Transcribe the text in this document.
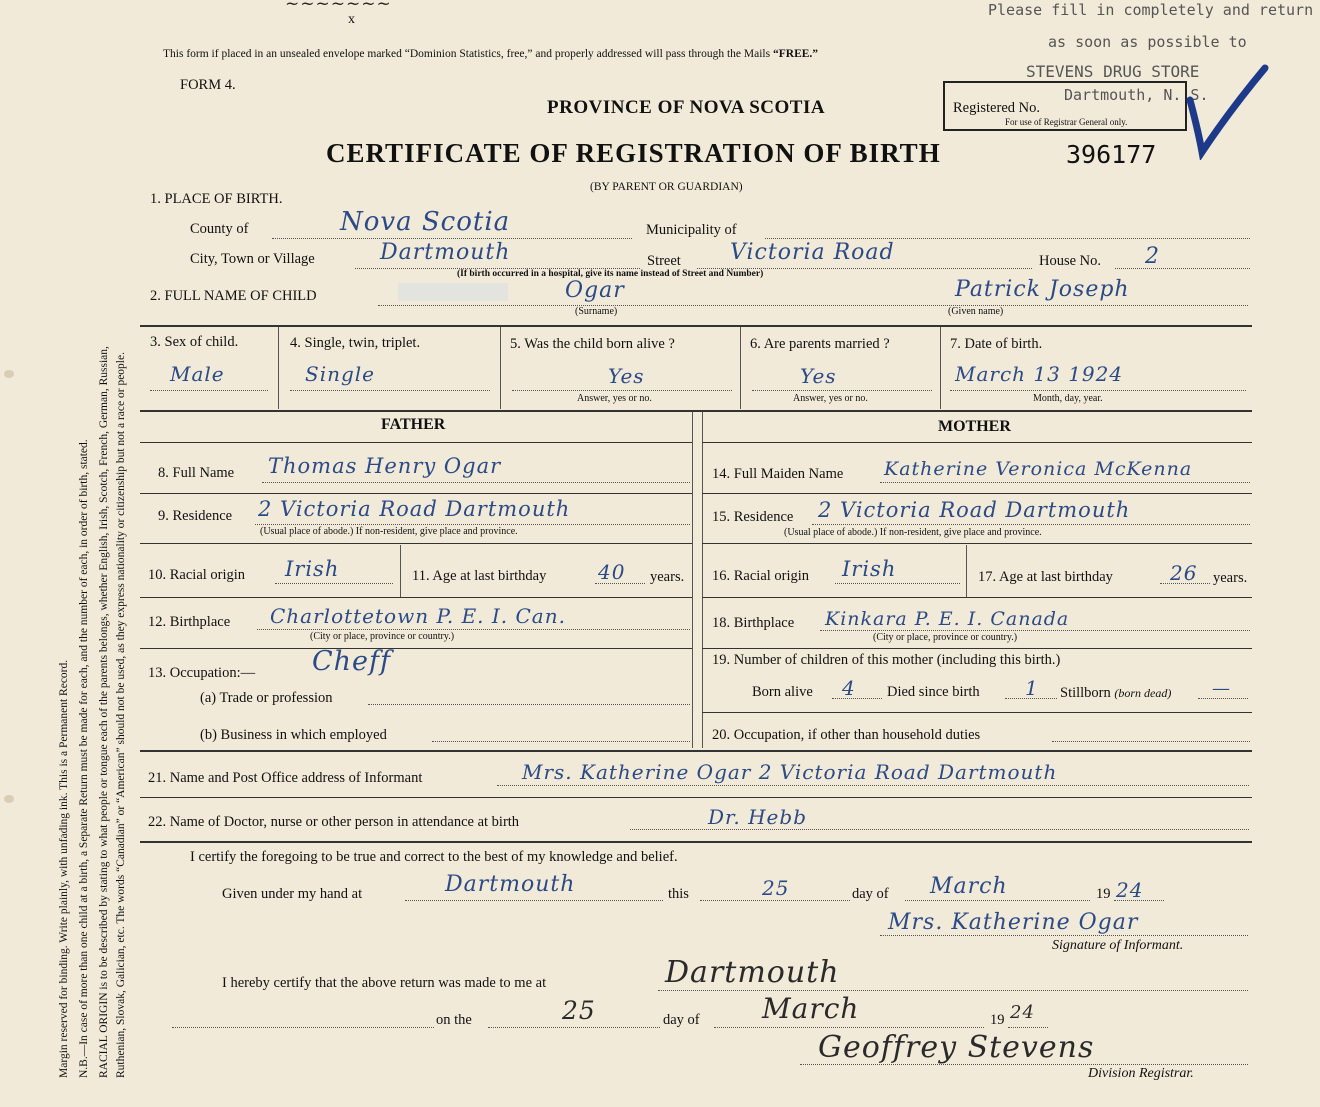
Margin reserved for binding. Write plainly, with unfading ink. This is a Permanent Record. N.B.—In case of more than one child at a birth, a Separate Return must be made for each, and the number of each, in order of birth, stated. RACIAL ORIGIN is to be described by stating to what people or tongue each of the parents belongs, whether English, Irish, Scotch, French, German, Russian, Ruthenian, Slovak, Galician, etc. The words “Canadian” or “American” should not be used, as they express nationality or citizenship but not a race or people.
~~~~~~~
x
This form if placed in an unsealed envelope marked “Dominion Statistics, free,” and properly addressed will pass through the Mails “FREE.”
FORM 4.
Please fill in completely and return
as soon as possible to
STEVENS DRUG STORE
Dartmouth, N. S.
Registered No.
For use of Registrar General only.
PROVINCE OF NOVA SCOTIA
CERTIFICATE OF REGISTRATION OF BIRTH	396177
(BY PARENT OR GUARDIAN)
1. PLACE OF BIRTH.
County of	Nova Scotia	Municipality of
City, Town or Village	Dartmouth	Street Victoria Road	House No. 2
(If birth occurred in a hospital, give its name instead of Street and Number)
2. FULL NAME OF CHILD	Ogar
(Surname)
Patrick Joseph
(Given name)
3. Sex of child.
Male
4. Single, twin, triplet.
Single
5. Was the child born alive ?
Yes
Answer, yes or no.
6. Are parents married ?
Yes
Answer, yes or no.
7. Date of birth.
March 13 1924
Month, day, year.
FATHER	MOTHER
8. Full Name Thomas Henry Ogar
9. Residence 2 Victoria Road Dartmouth
(Usual place of abode.) If non-resident, give place and province.
10. Racial origin Irish	11. Age at last birthday	40 years.
12. Birthplace Charlottetown P. E. I. Can.
(City or place, province or country.)
13. Occupation:— Cheff
(a) Trade or profession
(b) Business in which employed
14. Full Maiden Name Katherine Veronica McKenna
15. Residence 2 Victoria Road Dartmouth
(Usual place of abode.) If non-resident, give place and province.
16. Racial origin Irish	17. Age at last birthday	26 years.
18. Birthplace Kinkara P. E. I. Canada
(City or place, province or country.)
19. Number of children of this mother (including this birth.)
Born alive 4 Died since birth 1 Stillborn (born dead) —
20. Occupation, if other than household duties
21. Name and Post Office address of Informant	Mrs. Katherine Ogar 2 Victoria Road Dartmouth
22. Name of Doctor, nurse or other person in attendance at birth	Dr. Hebb
I certify the foregoing to be true and correct to the best of my knowledge and belief.
Given under my hand at	Dartmouth	this	25	day of March	19 24
Mrs. Katherine Ogar
Signature of Informant.
I hereby certify that the above return was made to me at	Dartmouth
on the	25	day of March	19 24
Geoffrey Stevens
Division Registrar.
